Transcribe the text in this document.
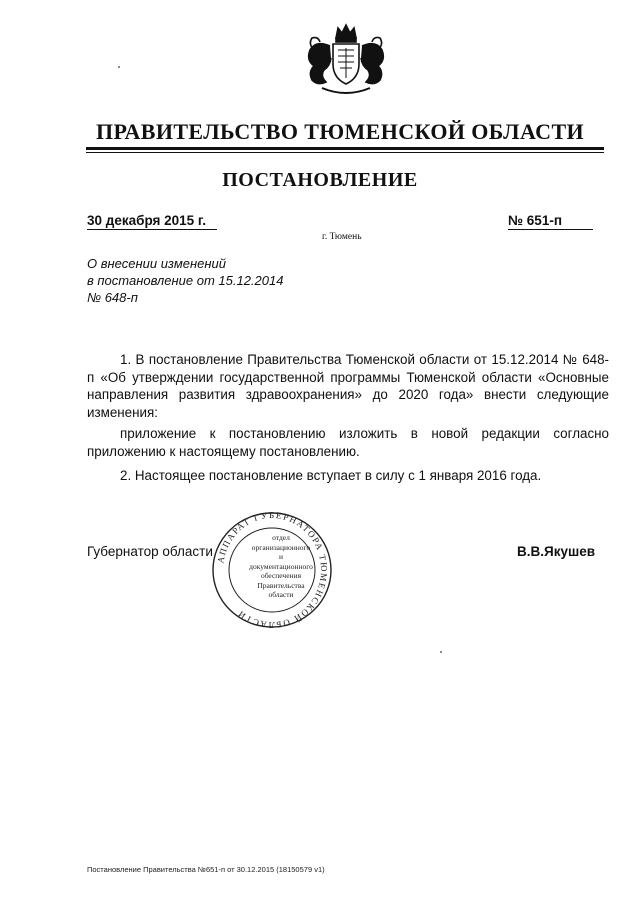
ПРАВИТЕЛЬСТВО ТЮМЕНСКОЙ ОБЛАСТИ
ПОСТАНОВЛЕНИЕ
30 декабря 2015 г.	№ 651-п
г. Тюмень
О внесении изменений
в постановление от 15.12.2014
№ 648-п

1. В постановление Правительства Тюменской области от 15.12.2014 № 648-п «Об утверждении государственной программы Тюменской области «Основные направления развития здравоохранения» до 2020 года» внести следующие изменения:

приложение к постановлению изложить в новой редакции согласно приложению к настоящему постановлению.

2. Настоящее постановление вступает в силу с 1 января 2016 года.

Губернатор области	В.В.Якушев
АППАРАТ ГУБЕРНАТОРА ТЮМЕНСКОЙ ОБЛАСТИ
отдел
организационного
и
документационного
обеспечения
Правительства
области
Постановление Правительства №651-п от 30.12.2015 (18150579 v1)
